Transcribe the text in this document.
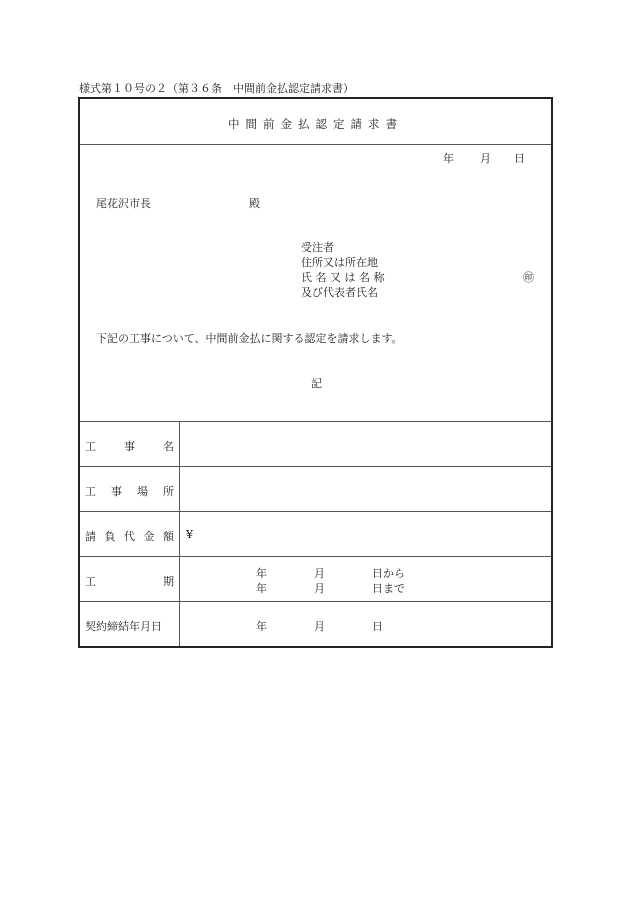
様式第１０号の２（第３６条　中間前金払認定請求書）
中間前金払認定請求書
年 月 日
尾花沢市長	殿
受注者
住所又は所在地
氏 名 又 は 名 称	㊞
及び代表者氏名
下記の工事について、中間前金払に関する認定を請求します。
記
工	事	名
工 事 場 所
請 負 代 金 額 ¥
工	期
年	月	日から
年	月	日まで
契約締結年月日	年	月	日
